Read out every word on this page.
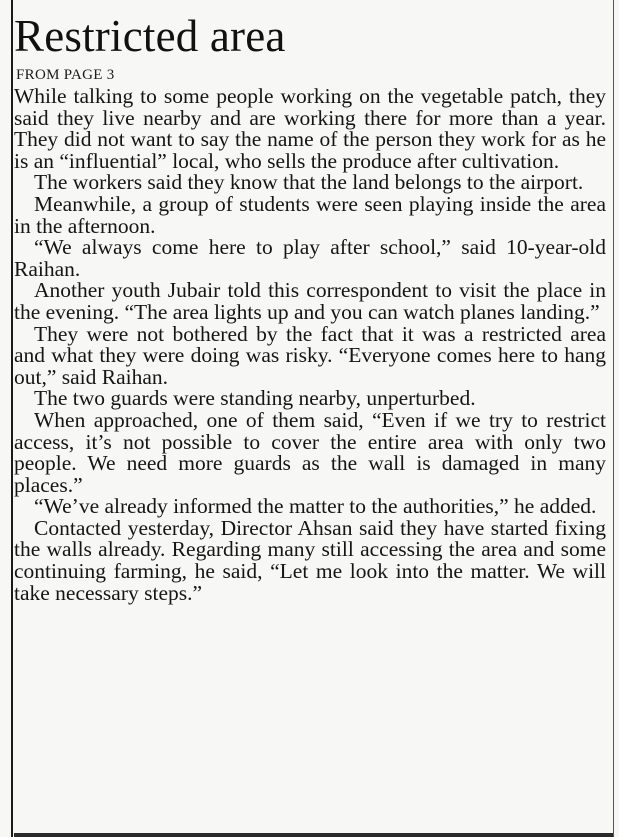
Restricted area
FROM PAGE 3

While talking to some people working on the vegetable patch, they said they live nearby and are working there for more than a year. They did not want to say the name of the person they work for as he is an “influential” local, who sells the produce after cultivation.

The workers said they know that the land belongs to the airport.

Meanwhile, a group of students were seen playing inside the area in the afternoon.

“We always come here to play after school,” said 10-year-old Raihan.

Another youth Jubair told this correspondent to visit the place in the evening. “The area lights up and you can watch planes landing.”

They were not bothered by the fact that it was a restricted area and what they were doing was risky. “Everyone comes here to hang out,” said Raihan.

The two guards were standing nearby, unperturbed.

When approached, one of them said, “Even if we try to restrict access, it’s not possible to cover the entire area with only two people. We need more guards as the wall is damaged in many places.”

“We’ve already informed the matter to the authorities,” he added.

Contacted yesterday, Director Ahsan said they have started fixing the walls already. Regarding many still accessing the area and some continuing farming, he said, “Let me look into the matter. We will take necessary steps.”
